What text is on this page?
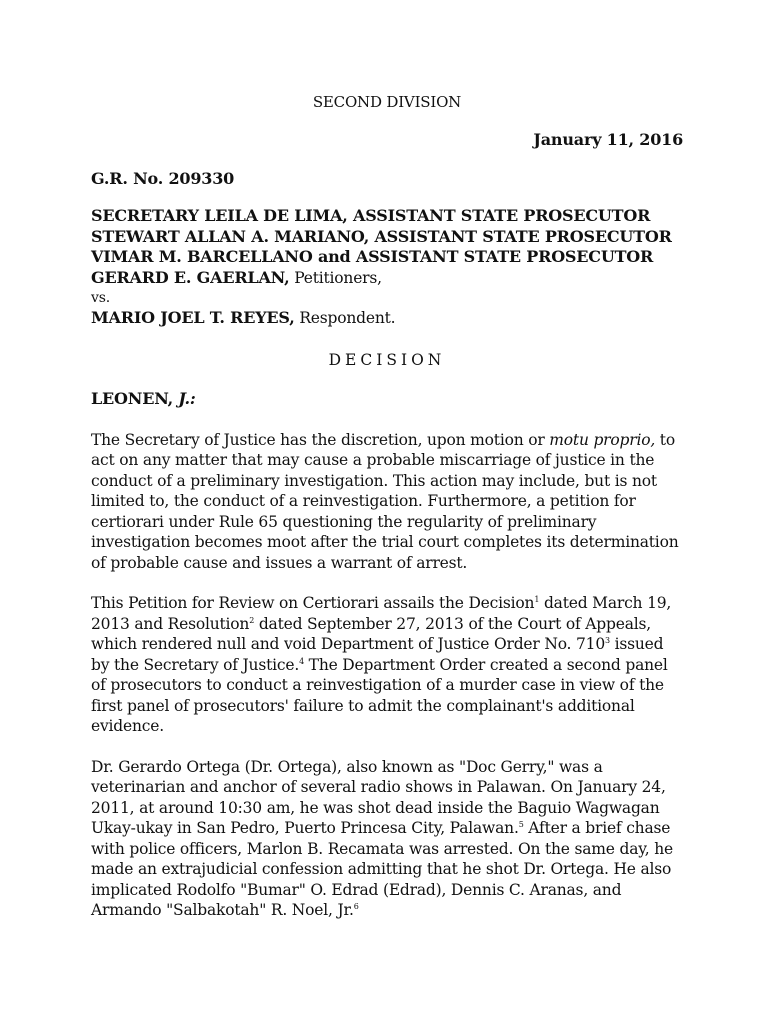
SECOND DIVISION

January 11, 2016

G.R. No. 209330

SECRETARY LEILA DE LIMA, ASSISTANT STATE PROSECUTOR STEWART ALLAN A. MARIANO, ASSISTANT STATE PROSECUTOR VIMAR M. BARCELLANO and ASSISTANT STATE PROSECUTOR GERARD E. GAERLAN, Petitioners,
vs.
MARIO JOEL T. REYES, Respondent.

DECISION

LEONEN, J.:

The Secretary of Justice has the discretion, upon motion or motu proprio, to act on any matter that may cause a probable miscarriage of justice in the conduct of a preliminary investigation. This action may include, but is not limited to, the conduct of a reinvestigation. Furthermore, a petition for certiorari under Rule 65 questioning the regularity of preliminary investigation becomes moot after the trial court completes its determination of probable cause and issues a warrant of arrest.

This Petition for Review on Certiorari assails the Decision$^1$ dated March 19, 2013 and Resolution$^2$ dated September 27, 2013 of the Court of Appeals, which rendered null and void Department of Justice Order No. $710^3$ issued by the Secretary of Justice.$^4$ The Department Order created a second panel of prosecutors to conduct a reinvestigation of a murder case in view of the first panel of prosecutors' failure to admit the complainant's additional evidence.

Dr. Gerardo Ortega (Dr. Ortega), also known as "Doc Gerry," was a veterinarian and anchor of several radio shows in Palawan. On January 24, 2011, at around 10:30 am, he was shot dead inside the Baguio Wagwagan Ukay-ukay in San Pedro, Puerto Princesa City, Palawan.$^5$ After a brief chase with police officers, Marlon B. Recamata was arrested. On the same day, he made an extrajudicial confession admitting that he shot Dr. Ortega. He also implicated Rodolfo "Bumar" O. Edrad (Edrad), Dennis C. Aranas, and Armando "Salbakotah" R. Noel, Jr.$^6$
